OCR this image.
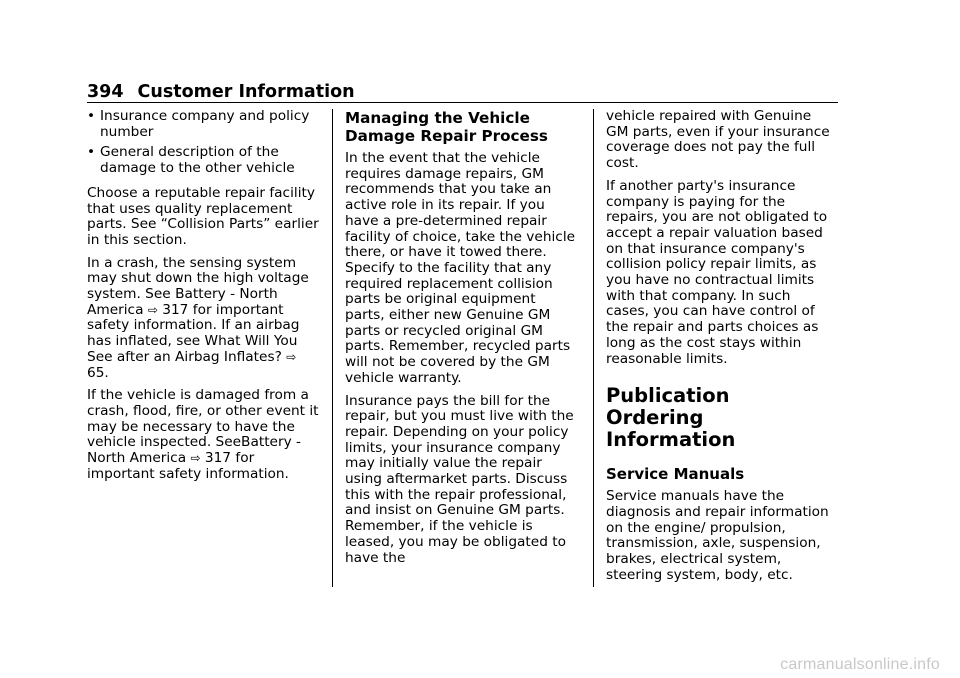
394 Customer Information
• Insurance company and policy number
• General description of the damage to the other vehicle

Choose a reputable repair facility that uses quality replacement parts. See “Collision Parts” earlier in this section.

In a crash, the sensing system may shut down the high voltage system. See Battery - North America ⇨ 317 for important safety information. If an airbag has inflated, see What Will You See after an Airbag Inflates? ⇨ 65.

If the vehicle is damaged from a crash, flood, fire, or other event it may be necessary to have the vehicle inspected. SeeBattery - North America ⇨ 317 for important safety information.

Managing the Vehicle Damage Repair Process

In the event that the vehicle requires damage repairs, GM recommends that you take an active role in its repair. If you have a pre-determined repair facility of choice, take the vehicle there, or have it towed there. Specify to the facility that any required replacement collision parts be original equipment parts, either new Genuine GM parts or recycled original GM parts. Remember, recycled parts will not be covered by the GM vehicle warranty.

Insurance pays the bill for the repair, but you must live with the repair. Depending on your policy limits, your insurance company may initially value the repair using aftermarket parts. Discuss this with the repair professional, and insist on Genuine GM parts. Remember, if the vehicle is leased, you may be obligated to have the

vehicle repaired with Genuine GM parts, even if your insurance coverage does not pay the full cost.

If another party's insurance company is paying for the repairs, you are not obligated to accept a repair valuation based on that insurance company's collision policy repair limits, as you have no contractual limits with that company. In such cases, you can have control of the repair and parts choices as long as the cost stays within reasonable limits.

Publication Ordering Information
Service Manuals

Service manuals have the diagnosis and repair information on the engine/ propulsion, transmission, axle, suspension, brakes, electrical system, steering system, body, etc.

carmanualsonline.info
